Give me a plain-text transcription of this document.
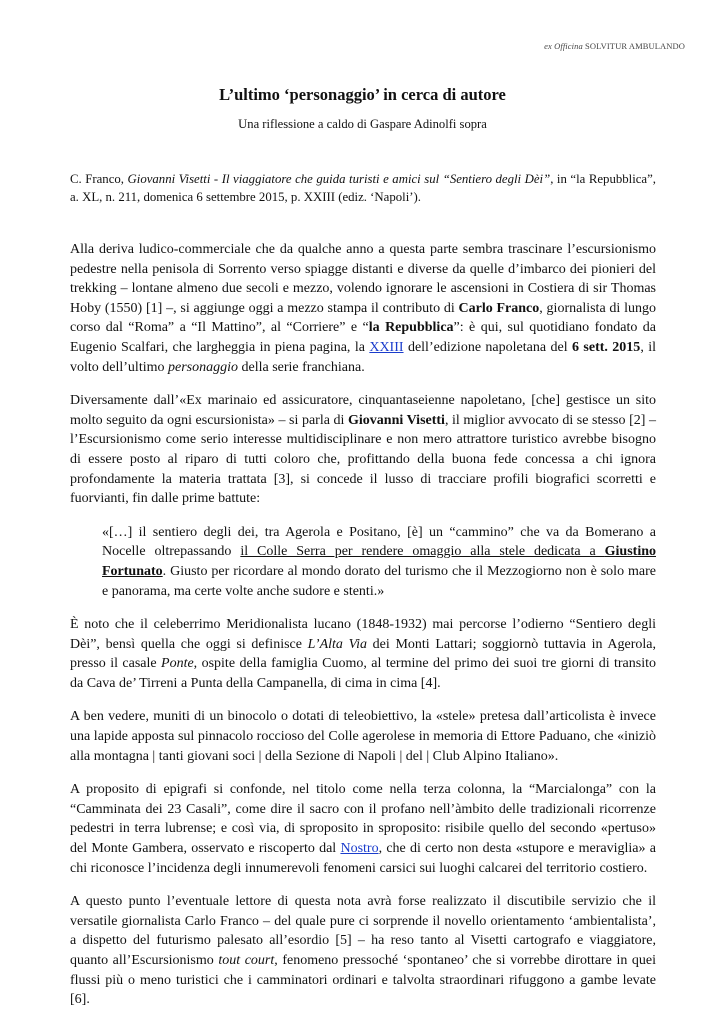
ex Officina SOLVITUR AMBULANDO
L’ultimo ‘personaggio’ in cerca di autore

Una riflessione a caldo di Gaspare Adinolfi sopra

C. Franco, Giovanni Visetti - Il viaggiatore che guida turisti e amici sul “Sentiero degli Dèi”, in “la Repubblica”, a. XL, n. 211, domenica 6 settembre 2015, p. XXIII (ediz. ‘Napoli’).

Alla deriva ludico-commerciale che da qualche anno a questa parte sembra trascinare l’escursionismo pedestre nella penisola di Sorrento verso spiagge distanti e diverse da quelle d’imbarco dei pionieri del trekking – lontane almeno due secoli e mezzo, volendo ignorare le ascensioni in Costiera di sir Thomas Hoby (1550) [1] –, si aggiunge oggi a mezzo stampa il contributo di Carlo Franco, giornalista di lungo corso dal “Roma” a “Il Mattino”, al “Corriere” e “la Repubblica”: è qui, sul quotidiano fondato da Eugenio Scalfari, che largheggia in piena pagina, la XXIII dell’edizione napoletana del 6 sett. 2015, il volto dell’ultimo personaggio della serie franchiana.

Diversamente dall’«Ex marinaio ed assicuratore, cinquantaseienne napoletano, [che] gestisce un sito molto seguito da ogni escursionista» – si parla di Giovanni Visetti, il miglior avvocato di se stesso [2] – l’Escursionismo come serio interesse multidisciplinare e non mero attrattore turistico avrebbe bisogno di essere posto al riparo di tutti coloro che, profittando della buona fede concessa a chi ignora profondamente la materia trattata [3], si concede il lusso di tracciare profili biografici scorretti e fuorvianti, fin dalle prime battute:

«[…] il sentiero degli dei, tra Agerola e Positano, [è] un “cammino” che va da Bomerano a Nocelle oltrepassando il Colle Serra per rendere omaggio alla stele dedicata a Giustino Fortunato. Giusto per ricordare al mondo dorato del turismo che il Mezzogiorno non è solo mare e panorama, ma certe volte anche sudore e stenti.»

È noto che il celeberrimo Meridionalista lucano (1848-1932) mai percorse l’odierno “Sentiero degli Dèi”, bensì quella che oggi si definisce L’Alta Via dei Monti Lattari; soggiornò tuttavia in Agerola, presso il casale Ponte, ospite della famiglia Cuomo, al termine del primo dei suoi tre giorni di transito da Cava de’ Tirreni a Punta della Campanella, di cima in cima [4].

A ben vedere, muniti di un binocolo o dotati di teleobiettivo, la «stele» pretesa dall’articolista è invece una lapide apposta sul pinnacolo roccioso del Colle agerolese in memoria di Ettore Paduano, che «iniziò alla montagna | tanti giovani soci | della Sezione di Napoli | del | Club Alpino Italiano».

A proposito di epigrafi si confonde, nel titolo come nella terza colonna, la “Marcialonga” con la “Camminata dei 23 Casali”, come dire il sacro con il profano nell’àmbito delle tradizionali ricorrenze pedestri in terra lubrense; e così via, di sproposito in sproposito: risibile quello del secondo «pertuso» del Monte Gambera, osservato e riscoperto dal Nostro, che di certo non desta «stupore e meraviglia» a chi riconosce l’incidenza degli innumerevoli fenomeni carsici sui luoghi calcarei del territorio costiero.

A questo punto l’eventuale lettore di questa nota avrà forse realizzato il discutibile servizio che il versatile giornalista Carlo Franco – del quale pure ci sorprende il novello orientamento ‘ambientalista’, a dispetto del futurismo palesato all’esordio [5] – ha reso tanto al Visetti cartografo e viaggiatore, quanto all’Escursionismo tout court, fenomeno pressoché ‘spontaneo’ che si vorrebbe dirottare in quei flussi più o meno turistici che i camminatori ordinari e talvolta straordinari rifuggono a gambe levate [6].
